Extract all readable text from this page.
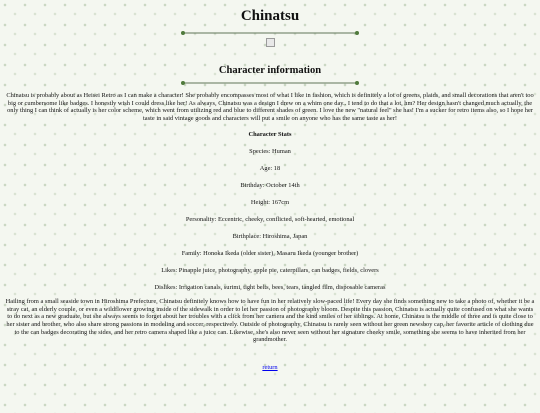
Chinatsu
Character information

Chinatsu is probably about as Heisei Retro as I can make a character! She probably encompasses most of what I like in fashion, which is definitely a lot of greens, plaids, and small decorations that aren't too big or cumbersome like badges. I honestly wish I could dress like her! As always, Chinatsu was a design I drew on a whim one day.. I tend to do that a lot, hm? Her design hasn't changed much actually, the only thing I can think of actually is her color scheme, which went from utilizing red and blue to different shades of green. I love the new "natural feel" she has! I'm a sucker for retro items also, so I hope her taste in said vintage goods and characters will put a smile on anyone who has the same taste as her!

Character Stats

Species: Human

Age: 18

Birthday: October 14th

Height: 167cm

Personality: Eccentric, cheeky, conflicted, soft-hearted, emotional

Birthplace: Hiroshima, Japan

Family: Honoka Ikeda (older sister), Masaru Ikeda (younger brother)

Likes: Pinapple juice, photography, apple pie, caterpillars, can badges, fields, clovers

Dislikes: Irrigation canals, surimi, tight belts, bees, tears, tangled film, disposable cameras

Hailing from a small seaside town in Hiroshima Prefecture, Chinatsu definitely knows how to have fun in her relatively slow-paced life! Every day she finds something new to take a photo of, whether it be a stray cat, an elderly couple, or even a wildflower growing inside of the sidewalk in order to let her passion of photography bloom. Despite this passion, Chinatsu is actually quite confused on what she wants to do next as a new graduate, but she always seems to forget about her troubles with a click from her camera and the kind smiles of her siblings. At home, Chinatsu is the middle of three and is quite close to her sister and brother, who also share strong passions in modeling and soccer, respectively. Outside of photography, Chinatsu is rarely seen without her green newsboy cap, her favorite article of clothing due to the can badges decorating the sides, and her retro camera shaped like a juice can. Likewise, she's also never seen without her signature cheeky smile, something she seems to have inherited from her grandmother.

return
